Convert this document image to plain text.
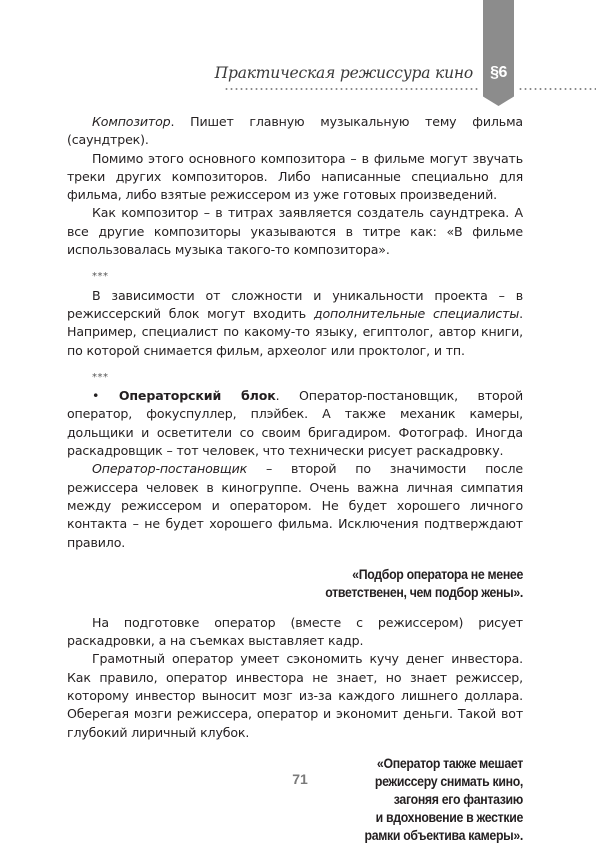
§6
Практическая режиссура кино

Композитор. Пишет главную музыкальную тему фильма (саундтрек).

Помимо этого основного композитора – в фильме могут звучать треки других композиторов. Либо написанные специально для фильма, либо взятые режиссером из уже готовых произведений.

Как композитор – в титрах заявляется создатель саундтрека. А все другие композиторы указываются в титре как: «В фильме использовалась музыка такого-то композитора».

***

В зависимости от сложности и уникальности проекта – в режиссерский блок могут входить дополнительные специалисты. Например, специалист по какому-то языку, египтолог, автор книги, по которой снимается фильм, археолог или проктолог, и тп.

***

• Операторский блок. Оператор-постановщик, второй оператор, фокуспуллер, плэйбек. А также механик камеры, дольщики и осветители со своим бригадиром. Фотограф. Иногда раскадровщик – тот человек, что технически рисует раскадровку.

Оператор-постановщик – второй по значимости после режиссера человек в киногруппе. Очень важна личная симпатия между режиссером и оператором. Не будет хорошего личного контакта – не будет хорошего фильма. Исключения подтверждают правило.

«Подбор оператора не менее
ответственен, чем подбор жены».

На подготовке оператор (вместе с режиссером) рисует раскадровки, а на съемках выставляет кадр.

Грамотный оператор умеет сэкономить кучу денег инвестора. Как правило, оператор инвестора не знает, но знает режиссер, которому инвестор выносит мозг из-за каждого лишнего доллара. Оберегая мозги режиссера, оператор и экономит деньги. Такой вот глубокий лиричный клубок.

«Оператор также мешает
режиссеру снимать кино,
загоняя его фантазию
и вдохновение в жесткие
рамки объектива камеры».
71
